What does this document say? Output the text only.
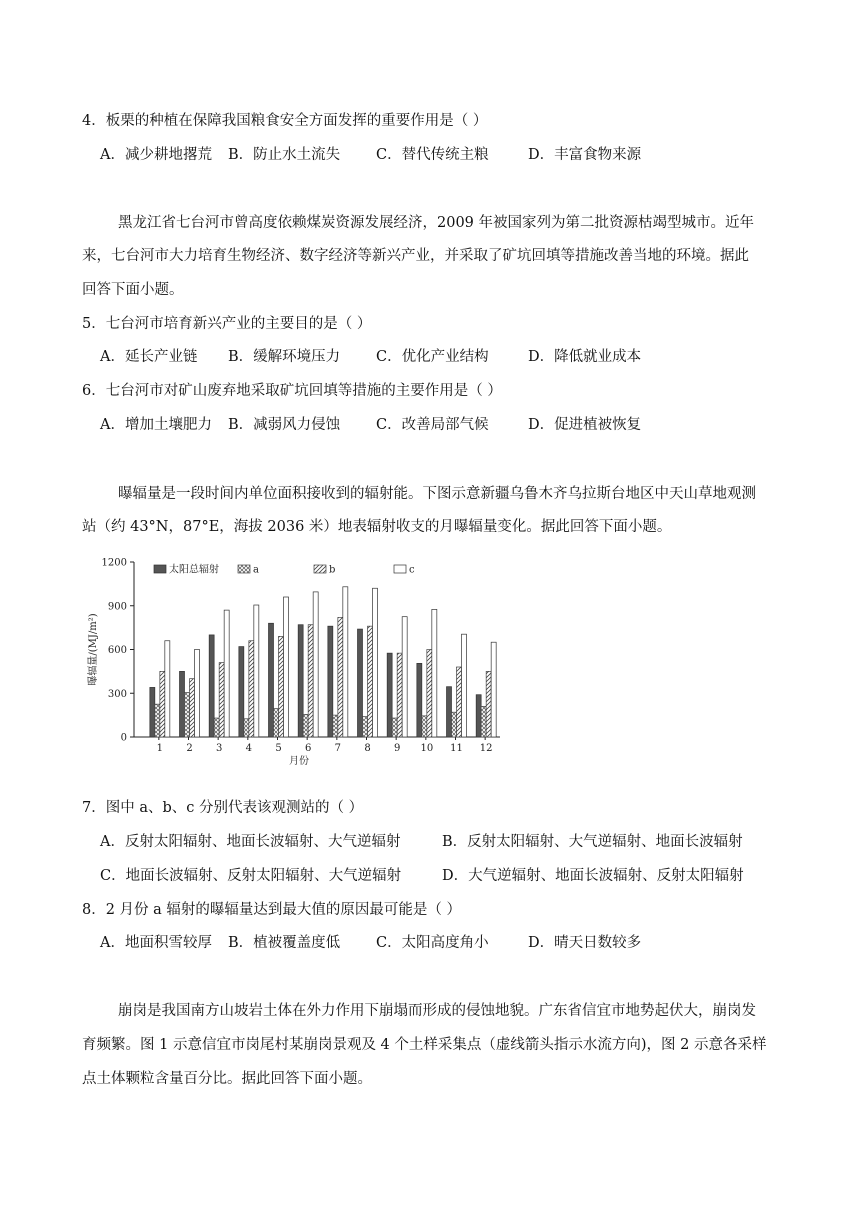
4．板栗的种植在保障我国粮食安全方面发挥的重要作用是（ ）
A．减少耕地撂荒 B．防止水土流失 C．替代传统主粮	D．丰富食物来源
黑龙江省七台河市曾高度依赖煤炭资源发展经济，2009 年被国家列为第二批资源枯竭型城市。近年
来，七台河市大力培育生物经济、数字经济等新兴产业，并采取了矿坑回填等措施改善当地的环境。据此
回答下面小题。
5．七台河市培育新兴产业的主要目的是（ ）
A．延长产业链 B．缓解环境压力 C．优化产业结构	D．降低就业成本
6．七台河市对矿山废弃地采取矿坑回填等措施的主要作用是（ ）
A．增加土壤肥力 B．减弱风力侵蚀 C．改善局部气候	D．促进植被恢复
曝辐量是一段时间内单位面积接收到的辐射能。下图示意新疆乌鲁木齐乌拉斯台地区中天山草地观测
站（约 43°N，87°E，海拔 2036 米）地表辐射收支的月曝辐量变化。据此回答下面小题。
0
300
600
900
1200
曝辐量/(MJ/m²)
1 2 3 4 5 6 7 8 9 10 11 12
月份
太阳总辐射	a	b	c
7．图中 a、b、c 分别代表该观测站的（ ）
A．反射太阳辐射、地面长波辐射、大气逆辐射	B．反射太阳辐射、大气逆辐射、地面长波辐射
C．地面长波辐射、反射太阳辐射、大气逆辐射	D．大气逆辐射、地面长波辐射、反射太阳辐射
8．2 月份 a 辐射的曝辐量达到最大值的原因最可能是（ ）
A．地面积雪较厚 B．植被覆盖度低 C．太阳高度角小	D．晴天日数较多
崩岗是我国南方山坡岩土体在外力作用下崩塌而形成的侵蚀地貌。广东省信宜市地势起伏大，崩岗发
育频繁。图 1 示意信宜市岗尾村某崩岗景观及 4 个土样采集点（虚线箭头指示水流方向)，图 2 示意各采样
点土体颗粒含量百分比。据此回答下面小题。
